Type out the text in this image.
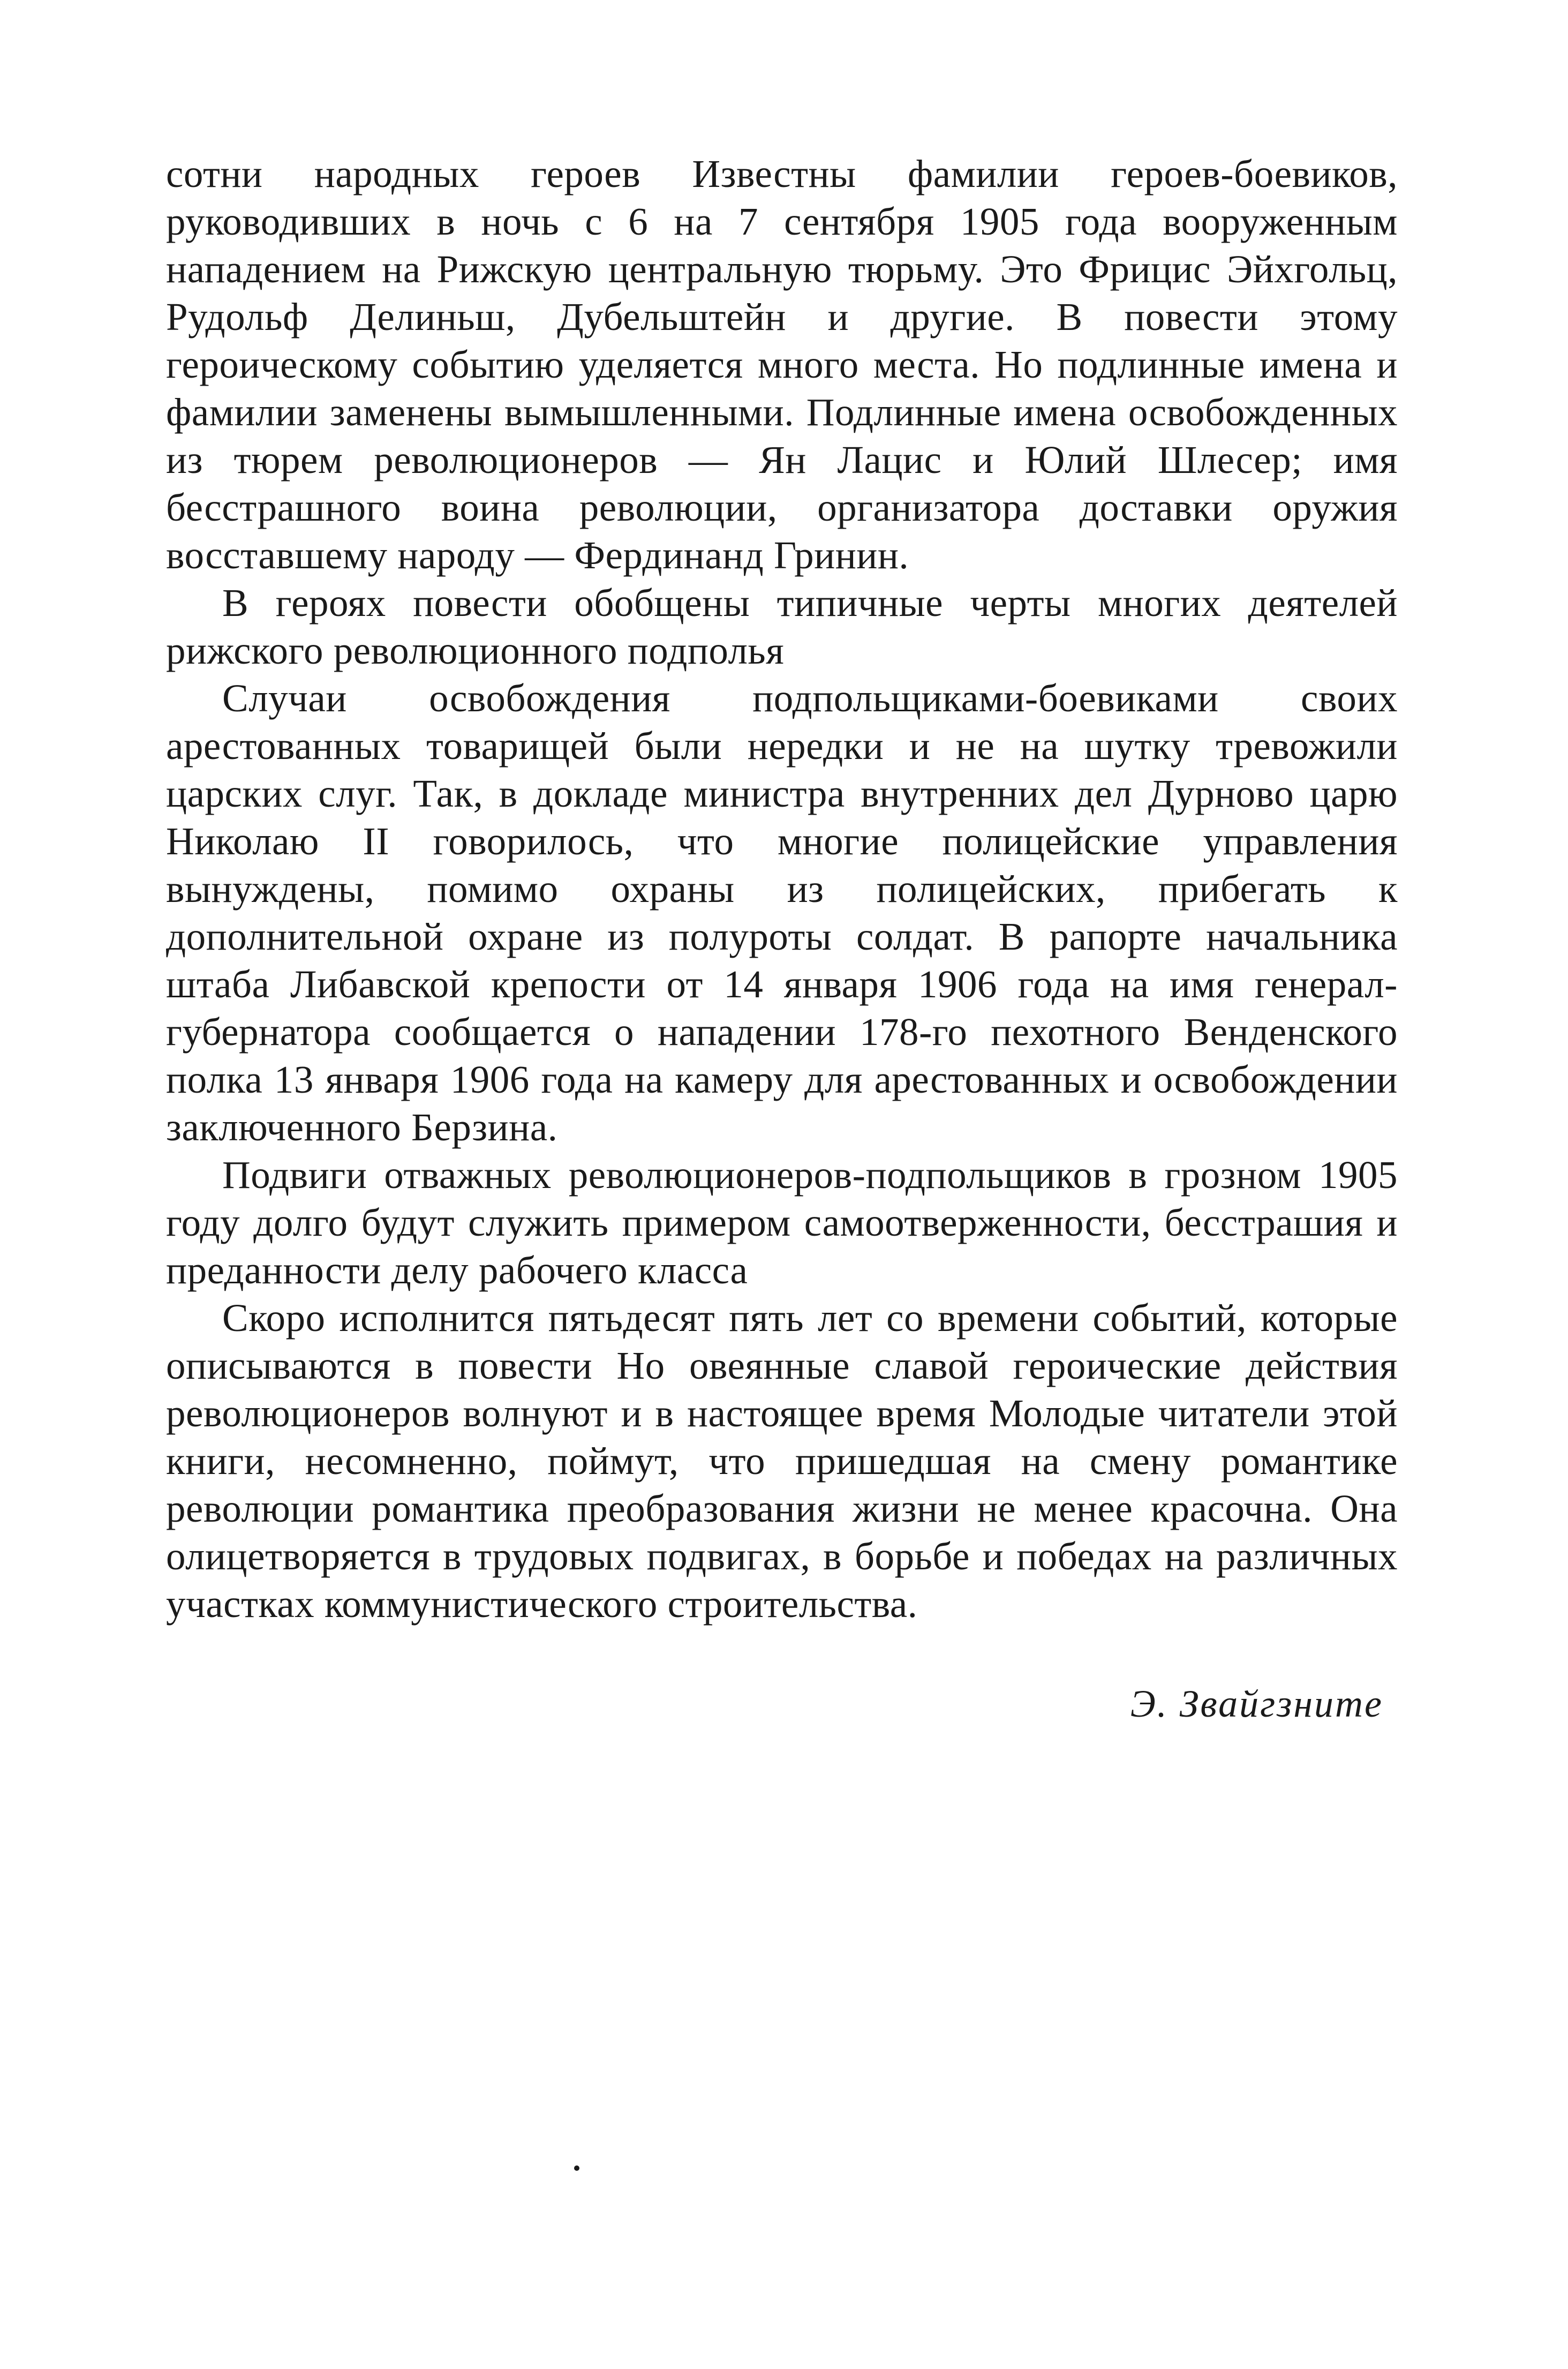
сотни народных героев Известны фамилии героев-боевиков, руководивших в ночь с 6 на 7 сентября 1905 года вооруженным нападением на Рижскую центральную тюрьму. Это Фрицис Эйхгольц, Рудольф Делиньш, Дубельштейн и другие. В повести этому героическому событию уделяется много места. Но подлинные имена и фамилии заменены вымышленными. Подлинные имена освобожденных из тюрем революционеров — Ян Лацис и Юлий Шлесер; имя бесстрашного воина революции, организатора доставки оружия восставшему народу — Фердинанд Гринин.

В героях повести обобщены типичные черты многих деятелей рижского революционного подполья

Случаи освобождения подпольщиками-боевиками своих арестованных товарищей были нередки и не на шутку тревожили царских слуг. Так, в докладе министра внутренних дел Дурново царю Николаю II говорилось, что многие полицейские управления вынуждены, помимо охраны из полицейских, прибегать к дополнительной охране из полуроты солдат. В рапорте начальника штаба Либавской крепости от 14 января 1906 года на имя генерал-губернатора сообщается о нападении 178-го пехотного Венденского полка 13 января 1906 года на камеру для арестованных и освобождении заключенного Берзина.

Подвиги отважных революционеров-подпольщиков в грозном 1905 году долго будут служить примером самоотверженности, бесстрашия и преданности делу рабочего класса

Скоро исполнится пятьдесят пять лет со времени событий, которые описываются в повести Но овеянные славой героические действия революционеров волнуют и в настоящее время Молодые читатели этой книги, несомненно, поймут, что пришедшая на смену романтике революции романтика преобразования жизни не менее красочна. Она олицетворяется в трудовых подвигах, в борьбе и победах на различных участках коммунистического строительства.

Э. Звайгзните
